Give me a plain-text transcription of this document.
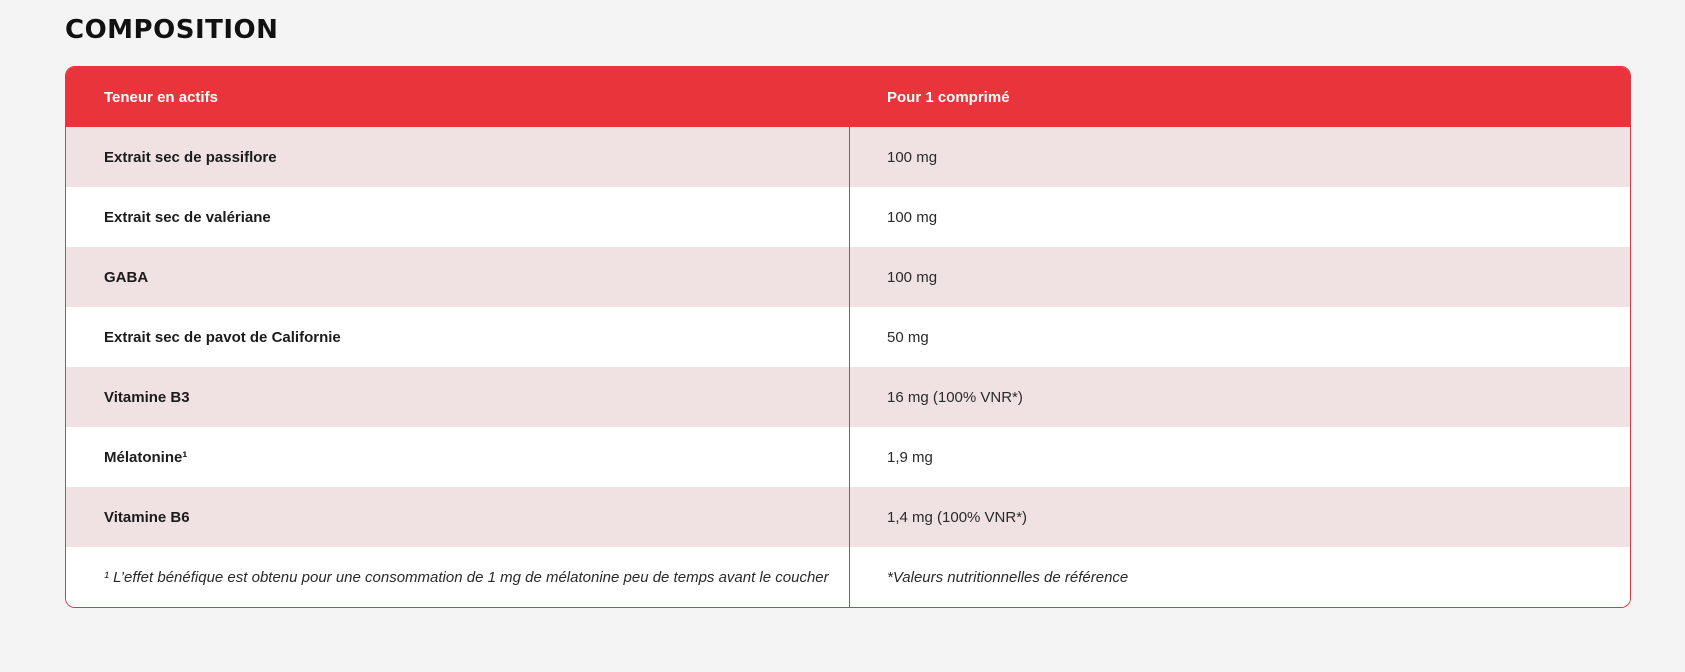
COMPOSITION
Teneur en actifs	Pour 1 comprimé
Extrait sec de passiflore	100 mg
Extrait sec de valériane	100 mg
GABA	100 mg
Extrait sec de pavot de Californie	50 mg
Vitamine B3	16 mg (100% VNR*)
Mélatonine¹	1,9 mg
Vitamine B6	1,4 mg (100% VNR*)
¹ L’effet bénéfique est obtenu pour une consommation de 1 mg de mélatonine peu de temps avant le coucher	*Valeurs nutritionnelles de référence
